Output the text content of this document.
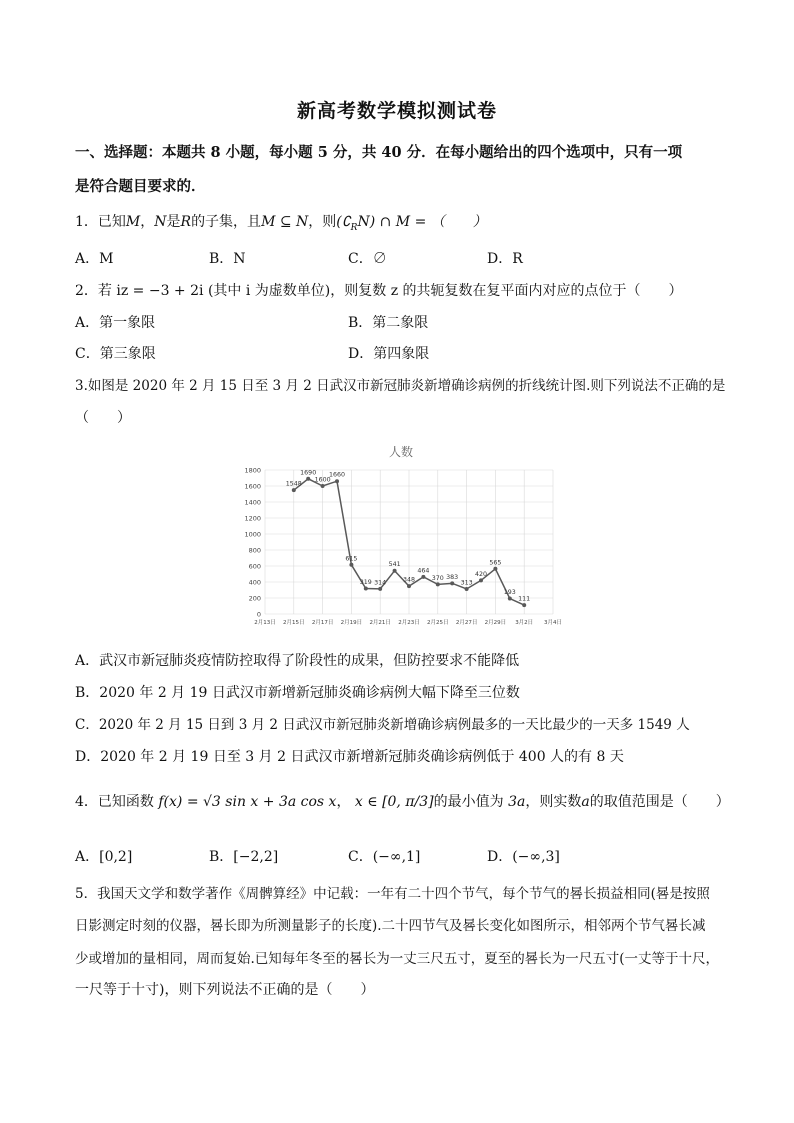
新高考数学模拟测试卷
一、选择题：本题共 8 小题，每小题 5 分，共 40 分．在每小题给出的四个选项中，只有一项
是符合题目要求的．
1．已知M，N是R的子集，且M ⊆ N，则$(∁_RN)$ ∩ M = （　　）
A．M	B．N	C．∅	D．R
2．若 iz = −3 + 2i (其中 i 为虚数单位)，则复数 z 的共轭复数在复平面内对应的点位于（　　）
A．第一象限	B．第二象限
C．第三象限	D．第四象限
3.如图是 2020 年 2 月 15 日至 3 月 2 日武汉市新冠肺炎新增确诊病例的折线统计图.则下列说法不正确的是
（　　）
人数
0
200
400
600
800
1000
1200
1400
1600
1800
2月13日 2月15日 2月17日 2月19日 2月21日 2月23日 2月25日 2月27日 2月29日 3月2日 3月4日
1548
1690
1600
1660
615
319 314
541
348
464
370 383
313
420
565
193
111
A．武汉市新冠肺炎疫情防控取得了阶段性的成果，但防控要求不能降低
B．2020 年 2 月 19 日武汉市新增新冠肺炎确诊病例大幅下降至三位数
C．2020 年 2 月 15 日到 3 月 2 日武汉市新冠肺炎新增确诊病例最多的一天比最少的一天多 1549 人
D．2020 年 2 月 19 日至 3 月 2 日武汉市新增新冠肺炎确诊病例低于 400 人的有 8 天
4．已知函数 f(x) = √3 sin x + 3a cos x， x ∈ [0, π/3]的最小值为 3a，则实数a的取值范围是（　　）
A．[0,2]	B．[−2,2]	C．(−∞,1]	D．(−∞,3]
5．我国天文学和数学著作《周髀算经》中记载：一年有二十四个节气，每个节气的晷长损益相同(晷是按照
日影测定时刻的仪器，晷长即为所测量影子的长度).二十四节气及晷长变化如图所示，相邻两个节气晷长减
少或增加的量相同，周而复始.已知每年冬至的晷长为一丈三尺五寸，夏至的晷长为一尺五寸(一丈等于十尺，
一尺等于十寸)，则下列说法不正确的是（　　）
